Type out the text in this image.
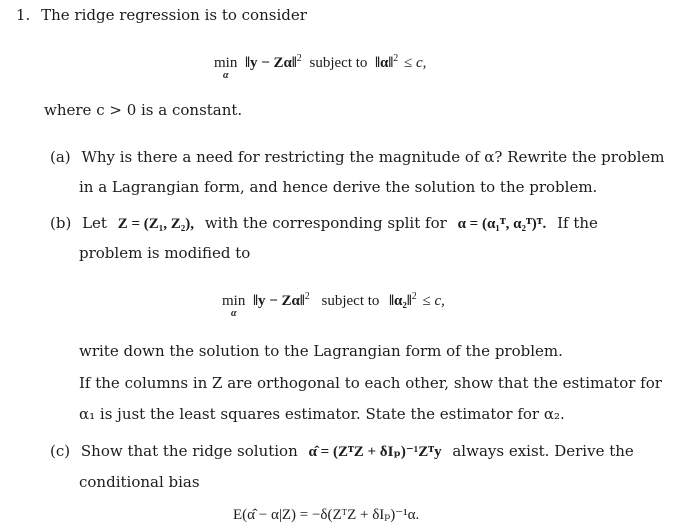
1. The ridge regression is to consider
min ‖y − Zα‖$^2$ subject to ‖α‖$^2$ ≤ c,
α
where c > 0 is a constant.
(a) Why is there a need for restricting the magnitude of α? Rewrite the problem
in a Lagrangian form, and hence derive the solution to the problem.
(b) Let Z = (Z₁, Z₂), with the corresponding split for α = (α₁ᵀ, α₂ᵀ)ᵀ. If the
problem is modified to
min ‖y − Zα‖$^2$ subject to ‖α₂‖$^2$ ≤ c,
α
write down the solution to the Lagrangian form of the problem.
If the columns in Z are orthogonal to each other, show that the estimator for
α₁ is just the least squares estimator. State the estimator for α₂.
(c) Show that the ridge solution α̂ = (ZᵀZ + δIₚ)⁻¹Zᵀy always exist. Derive the
conditional bias
E(α̂ − α|Z) = −δ(ZᵀZ + δIₚ)⁻¹α.
